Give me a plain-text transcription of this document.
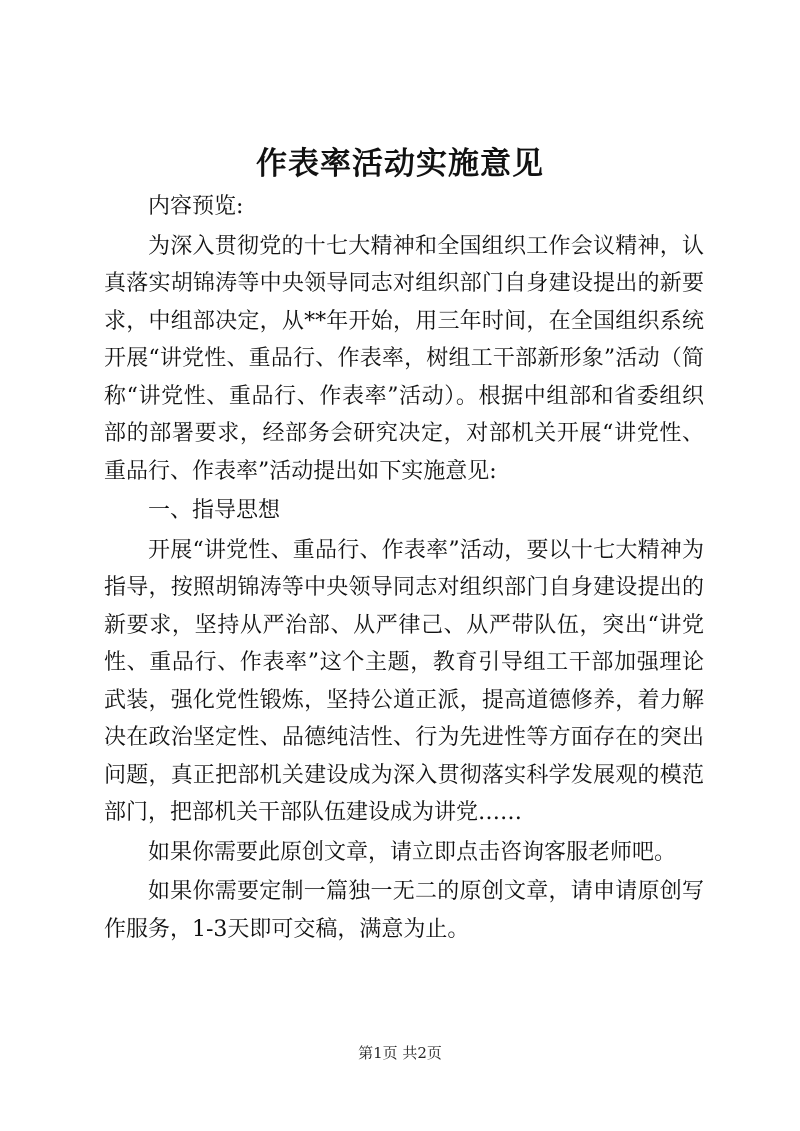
作表率活动实施意见

内容预览:

为深入贯彻党的十七大精神和全国组织工作会议精神，认真落实胡锦涛等中央领导同志对组织部门自身建设提出的新要求，中组部决定，从**年开始，用三年时间，在全国组织系统开展“讲党性、重品行、作表率，树组工干部新形象”活动（简称“讲党性、重品行、作表率”活动）。根据中组部和省委组织部的部署要求，经部务会研究决定，对部机关开展“讲党性、重品行、作表率”活动提出如下实施意见:

一、指导思想

开展“讲党性、重品行、作表率”活动，要以十七大精神为指导，按照胡锦涛等中央领导同志对组织部门自身建设提出的新要求，坚持从严治部、从严律己、从严带队伍，突出“讲党性、重品行、作表率”这个主题，教育引导组工干部加强理论武装，强化党性锻炼，坚持公道正派，提高道德修养，着力解决在政治坚定性、品德纯洁性、行为先进性等方面存在的突出问题，真正把部机关建设成为深入贯彻落实科学发展观的模范部门，把部机关干部队伍建设成为讲党……

如果你需要此原创文章，请立即点击咨询客服老师吧。

如果你需要定制一篇独一无二的原创文章，请申请原创写作服务，1-3天即可交稿，满意为止。

第1页 共2页
